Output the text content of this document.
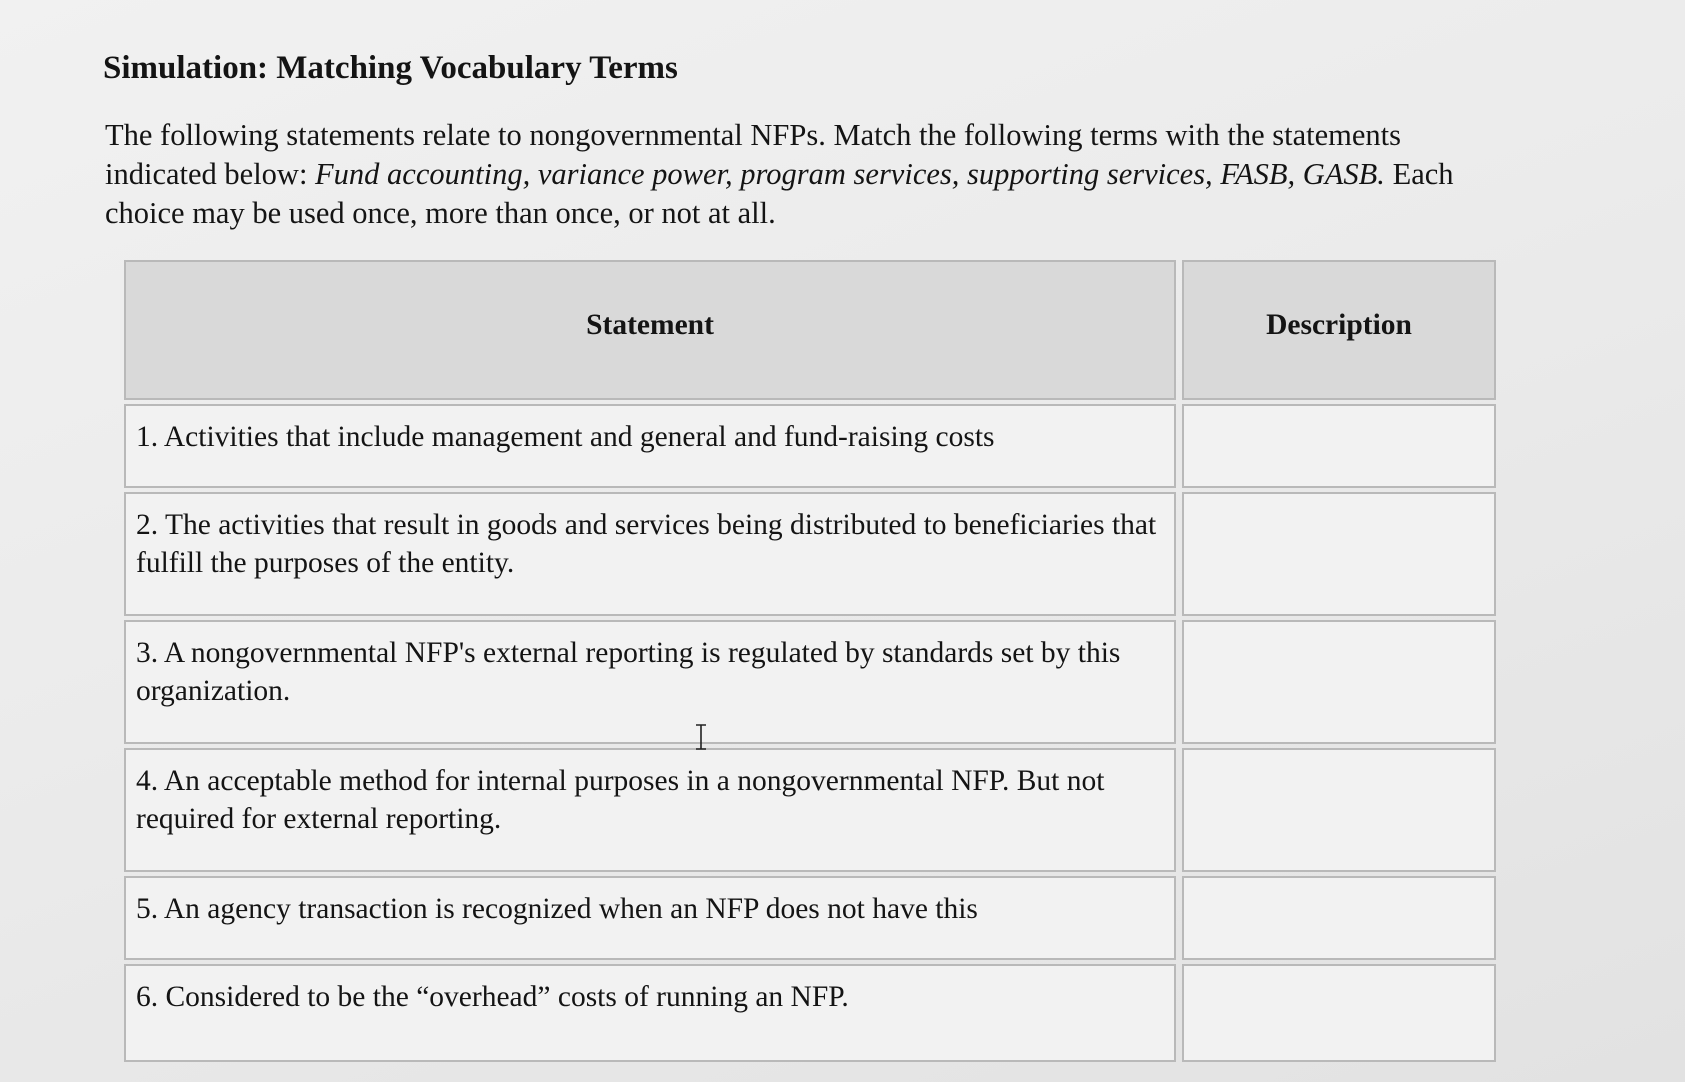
Simulation: Matching Vocabulary Terms

The following statements relate to nongovernmental NFPs. Match the following terms with the statements indicated below: Fund accounting, variance power, program services, supporting services, FASB, GASB. Each choice may be used once, more than once, or not at all.

Statement	Description
1. Activities that include management and general and fund-raising costs	
2. The activities that result in goods and services being distributed to beneficiaries that fulfill the purposes of the entity.	
3. A nongovernmental NFP's external reporting is regulated by standards set by this organization.	
4. An acceptable method for internal purposes in a nongovernmental NFP. But not required for external reporting.	
5. An agency transaction is recognized when an NFP does not have this	
6. Considered to be the “overhead” costs of running an NFP.	
